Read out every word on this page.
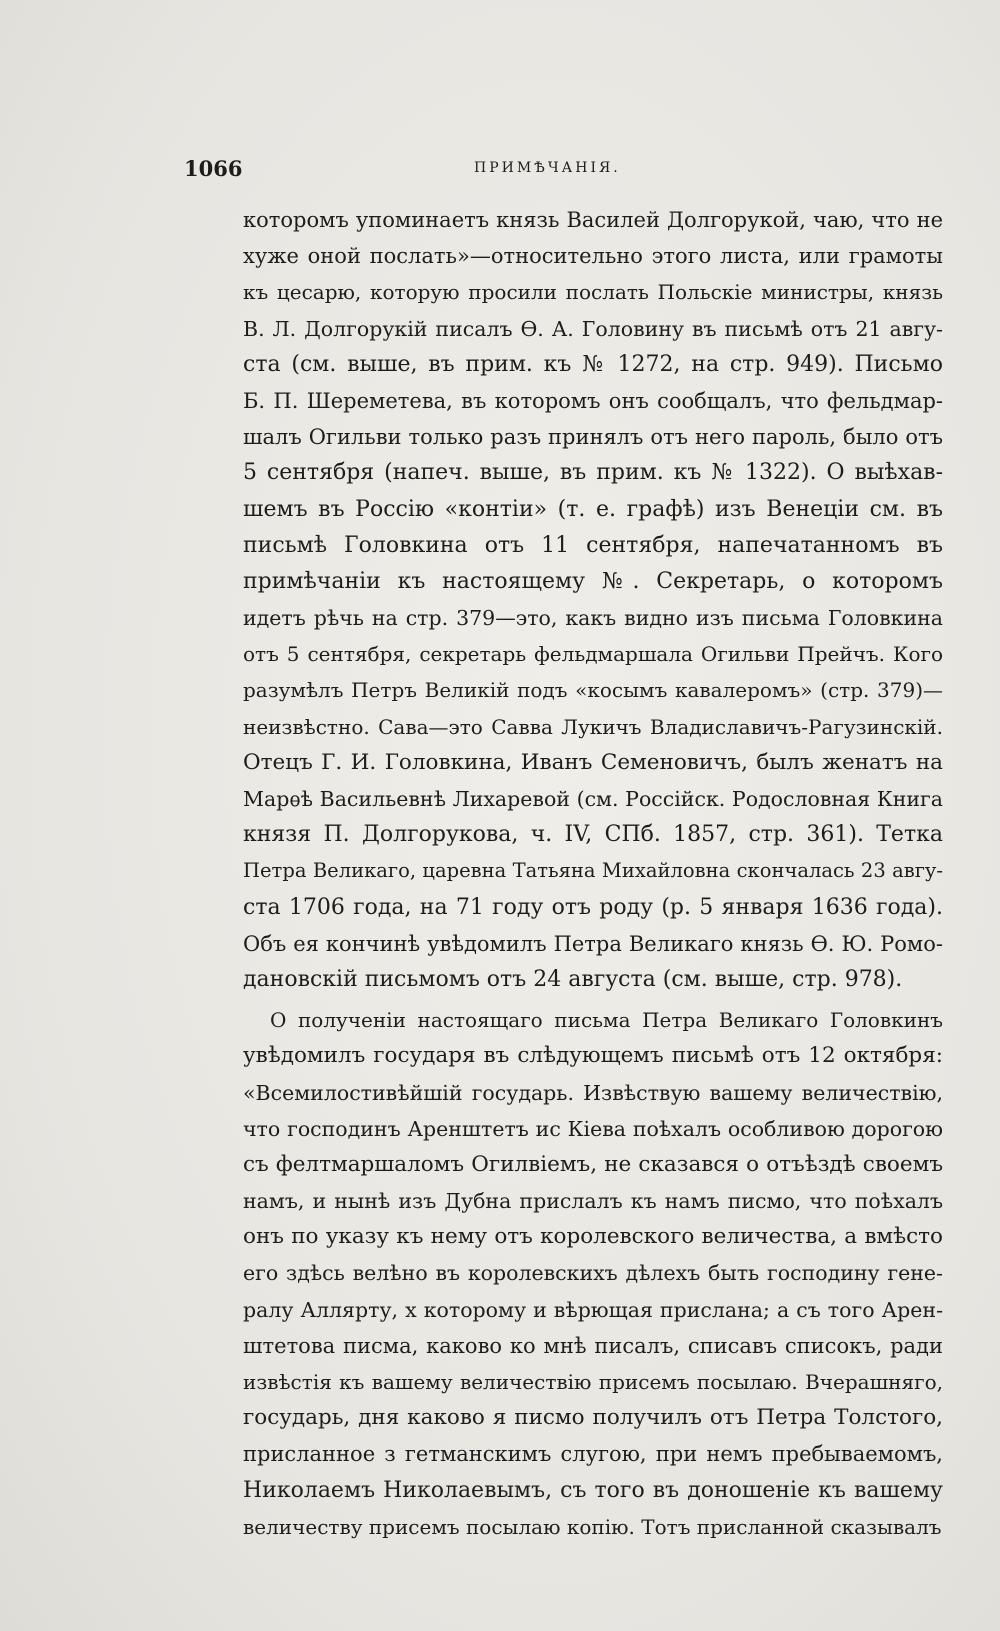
1066	ПРИМѢЧАНІЯ.
которомъ упоминаетъ князь Василей Долгорукой, чаю, что не
хуже оной послать»—относительно этого листа, или грамоты
къ цесарю, которую просили послать Польскіе министры, князь
В. Л. Долгорукій писалъ Ѳ. А. Головину въ письмѣ отъ 21 авгу-
ста (см. выше, въ прим. къ № 1272, на стр. 949). Письмо
Б. П. Шереметева, въ которомъ онъ сообщалъ, что фельдмар-
шалъ Огильви только разъ принялъ отъ него пароль, было отъ
5 сентября (напеч. выше, въ прим. къ № 1322). О выѣхав-
шемъ въ Россію «контіи» (т. е. графѣ) изъ Венеціи см. въ
письмѣ Головкина отъ 11 сентября, напечатанномъ въ
примѣчаніи къ настоящему №. Секретарь, о которомъ
идетъ рѣчь на стр. 379—это, какъ видно изъ письма Головкина
отъ 5 сентября, секретарь фельдмаршала Огильви Прейчъ. Кого
разумѣлъ Петръ Великій подъ «косымъ кавалеромъ» (стр. 379)—
неизвѣстно. Сава—это Савва Лукичъ Владиславичъ-Рагузинскій.
Отецъ Г. И. Головкина, Иванъ Семеновичъ, былъ женатъ на
Марѳѣ Васильевнѣ Лихаревой (см. Россійск. Родословная Книга
князя П. Долгорукова, ч. IV, СПб. 1857, стр. 361). Тетка
Петра Великаго, царевна Татьяна Михайловна скончалась 23 авгу-
ста 1706 года, на 71 году отъ роду (р. 5 января 1636 года).
Объ ея кончинѣ увѣдомилъ Петра Великаго князь Ѳ. Ю. Ромо-
дановскій письмомъ отъ 24 августа (см. выше, стр. 978).
О полученіи настоящаго письма Петра Великаго Головкинъ
увѣдомилъ государя въ слѣдующемъ письмѣ отъ 12 октября:
«Всемилостивѣйшій государь. Извѣствую вашему величествію,
что господинъ Аренштетъ ис Кіева поѣхалъ особливою дорогою
съ фелтмаршаломъ Огилвіемъ, не сказався о отъѣздѣ своемъ
намъ, и нынѣ изъ Дубна прислалъ къ намъ писмо, что поѣхалъ
онъ по указу къ нему отъ королевского величества, а вмѣсто
его здѣсь велѣно въ королевскихъ дѣлехъ быть господину гене-
ралу Аллярту, х которому и вѣрющая прислана; а съ того Арен-
штетова писма, каково ко мнѣ писалъ, списавъ списокъ, ради
извѣстія къ вашему величествію присемъ посылаю. Вчерашняго,
государь, дня каково я писмо получилъ отъ Петра Толстого,
присланное з гетманскимъ слугою, при немъ пребываемомъ,
Николаемъ Николаевымъ, съ того въ доношеніе къ вашему
величеству присемъ посылаю копію. Тотъ присланной сказывалъ
